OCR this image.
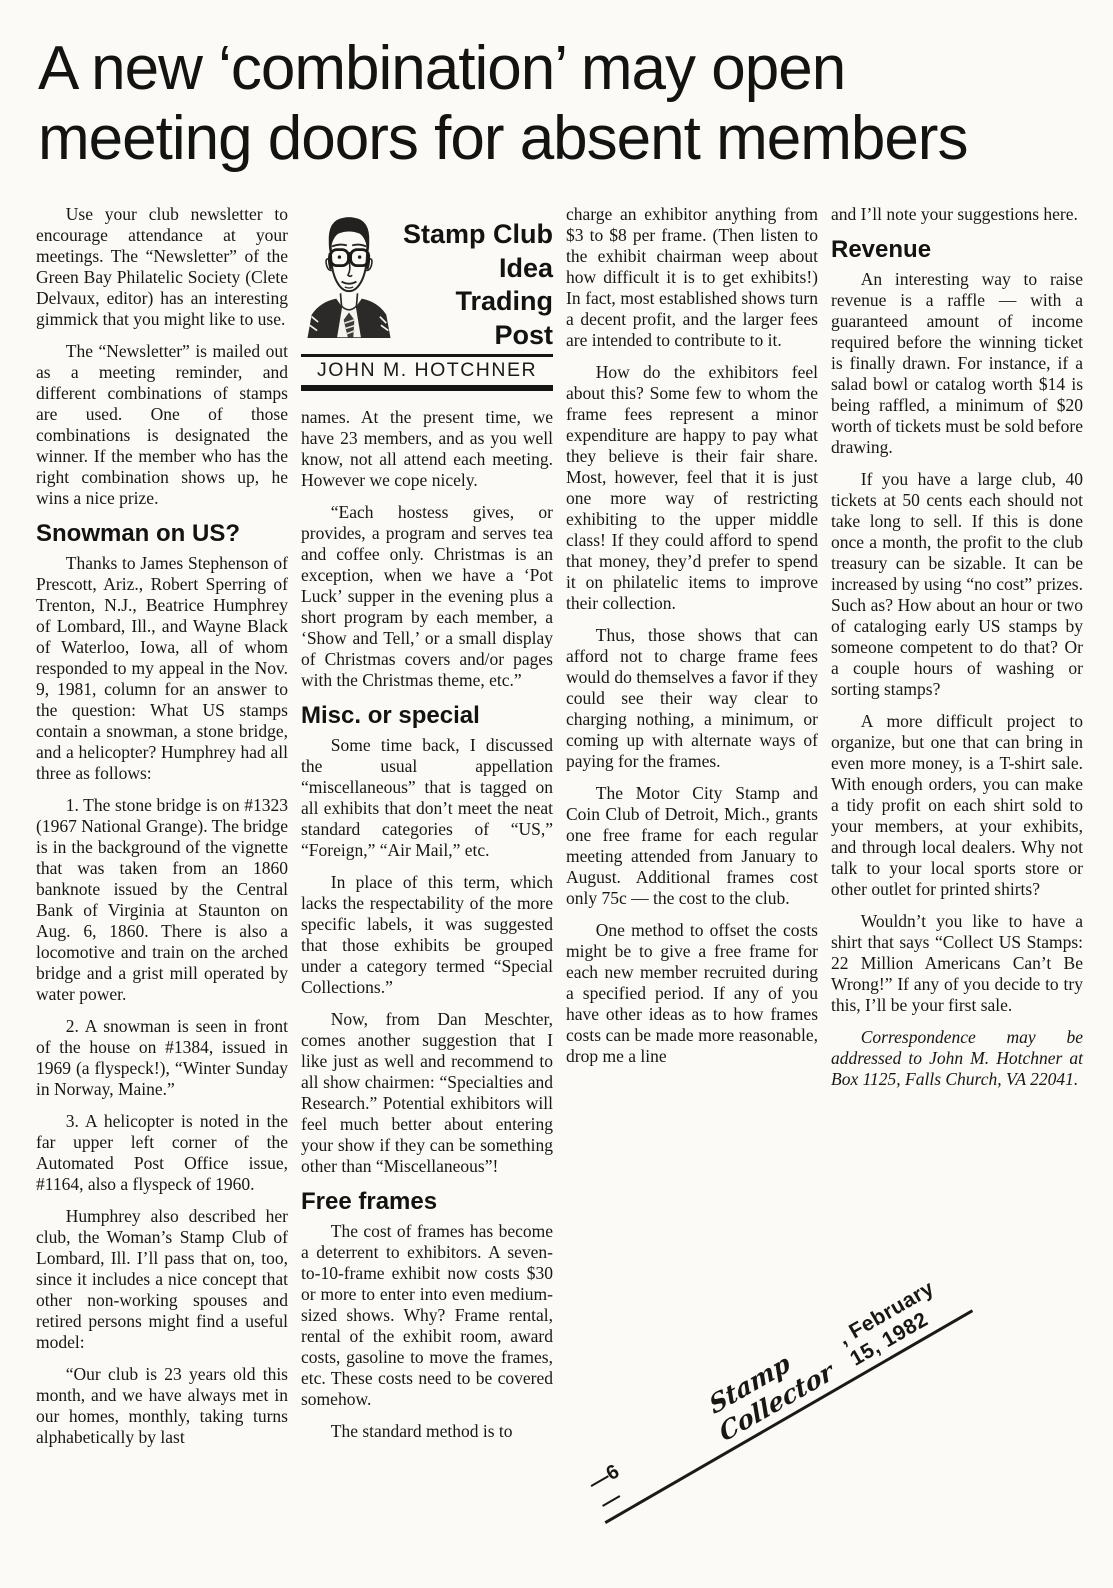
A new ‘combination’ may open meeting doors for absent members

Use your club newsletter to encourage attendance at your meetings. The “Newsletter” of the Green Bay Philatelic Society (Clete Delvaux, editor) has an interesting gimmick that you might like to use.

The “Newsletter” is mailed out as a meeting reminder, and different combinations of stamps are used. One of those combinations is designated the winner. If the member who has the right combination shows up, he wins a nice prize.

Snowman on US?

Thanks to James Stephenson of Prescott, Ariz., Robert Sperring of Trenton, N.J., Beatrice Humphrey of Lombard, Ill., and Wayne Black of Waterloo, Iowa, all of whom responded to my appeal in the Nov. 9, 1981, column for an answer to the question: What US stamps contain a snowman, a stone bridge, and a helicopter? Humphrey had all three as follows:

1. The stone bridge is on #1323 (1967 National Grange). The bridge is in the background of the vignette that was taken from an 1860 banknote issued by the Central Bank of Virginia at Staunton on Aug. 6, 1860. There is also a locomotive and train on the arched bridge and a grist mill operated by water power.

2. A snowman is seen in front of the house on #1384, issued in 1969 (a flyspeck!), “Winter Sunday in Norway, Maine.”

3. A helicopter is noted in the far upper left corner of the Automated Post Office issue, #1164, also a flyspeck of 1960.

Humphrey also described her club, the Woman’s Stamp Club of Lombard, Ill. I’ll pass that on, too, since it includes a nice concept that other non-working spouses and retired persons might find a useful model:

“Our club is 23 years old this month, and we have always met in our homes, monthly, taking turns alphabetically by last

Stamp Club
Idea
Trading
Post
JOHN M. HOTCHNER

names. At the present time, we have 23 members, and as you well know, not all attend each meeting. However we cope nicely.

“Each hostess gives, or provides, a program and serves tea and coffee only. Christmas is an exception, when we have a ‘Pot Luck’ supper in the evening plus a short program by each member, a ‘Show and Tell,’ or a small display of Christmas covers and/or pages with the Christmas theme, etc.”

Misc. or special

Some time back, I discussed the usual appellation “miscellaneous” that is tagged on all exhibits that don’t meet the neat standard categories of “US,” “Foreign,” “Air Mail,” etc.

In place of this term, which lacks the respectability of the more specific labels, it was suggested that those exhibits be grouped under a category termed “Special Collections.”

Now, from Dan Meschter, comes another suggestion that I like just as well and recommend to all show chairmen: “Specialties and Research.” Potential exhibitors will feel much better about entering your show if they can be something other than “Miscellaneous”!

Free frames

The cost of frames has become a deterrent to exhibitors. A seven-to-10-frame exhibit now costs $30 or more to enter into even medium-sized shows. Why? Frame rental, rental of the exhibit room, award costs, gasoline to move the frames, etc. These costs need to be covered somehow.

The standard method is to

charge an exhibitor anything from $3 to $8 per frame. (Then listen to the exhibit chairman weep about how difficult it is to get exhibits!) In fact, most established shows turn a decent profit, and the larger fees are intended to contribute to it.

How do the exhibitors feel about this? Some few to whom the frame fees represent a minor expenditure are happy to pay what they believe is their fair share. Most, however, feel that it is just one more way of restricting exhibiting to the upper middle class! If they could afford to spend that money, they’d prefer to spend it on philatelic items to improve their collection.

Thus, those shows that can afford not to charge frame fees would do themselves a favor if they could see their way clear to charging nothing, a minimum, or coming up with alternate ways of paying for the frames.

The Motor City Stamp and Coin Club of Detroit, Mich., grants one free frame for each regular meeting attended from January to August. Additional frames cost only 75c — the cost to the club.

One method to offset the costs might be to give a free frame for each new member recruited during a specified period. If any of you have other ideas as to how frames costs can be made more reasonable, drop me a line

and I’ll note your suggestions here.

Revenue

An interesting way to raise revenue is a raffle — with a guaranteed amount of income required before the winning ticket is finally drawn. For instance, if a salad bowl or catalog worth $14 is being raffled, a minimum of $20 worth of tickets must be sold before drawing.

If you have a large club, 40 tickets at 50 cents each should not take long to sell. If this is done once a month, the profit to the club treasury can be sizable. It can be increased by using “no cost” prizes. Such as? How about an hour or two of cataloging early US stamps by someone competent to do that? Or a couple hours of washing or sorting stamps?

A more difficult project to organize, but one that can bring in even more money, is a T-shirt sale. With enough orders, you can make a tidy profit on each shirt sold to your members, at your exhibits, and through local dealers. Why not talk to your local sports store or other outlet for printed shirts?

Wouldn’t you like to have a shirt that says “Collect US Stamps: 22 Million Americans Can’t Be Wrong!” If any of you decide to try this, I’ll be your first sale.

Correspondence may be addressed to John M. Hotchner at Box 1125, Falls Church, VA 22041.

—6—
Stamp Collector
, February 15, 1982
